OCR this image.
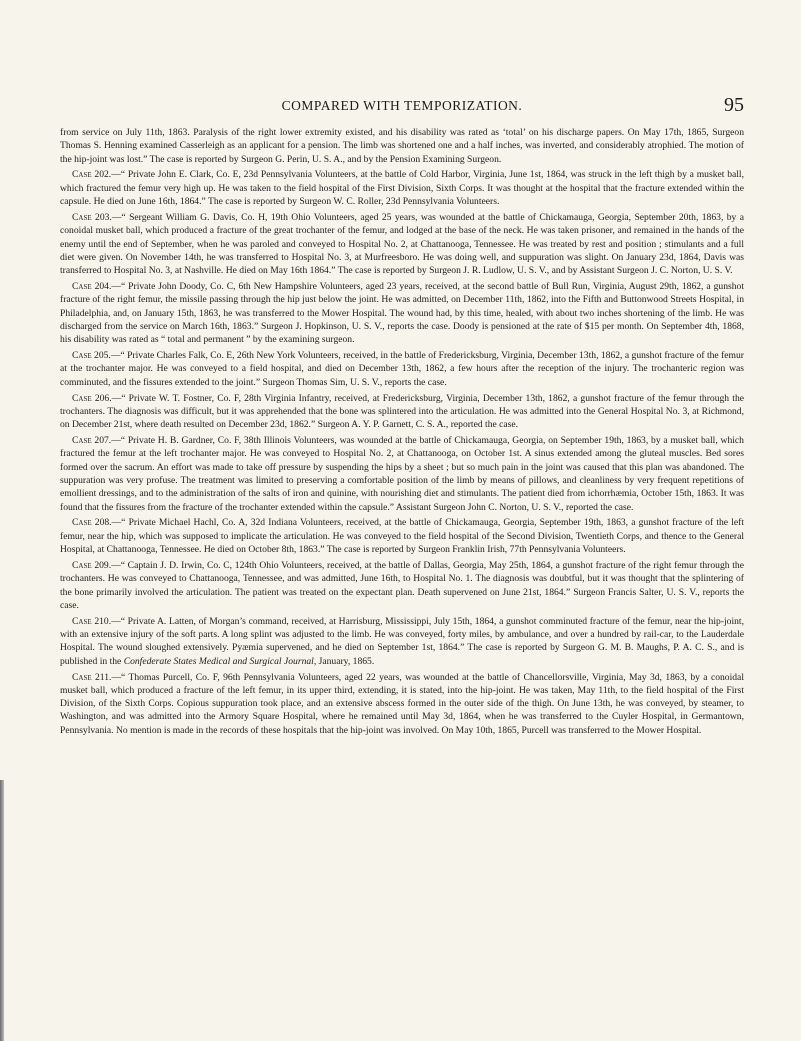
COMPARED WITH TEMPORIZATION.	95

from service on July 11th, 1863. Paralysis of the right lower extremity existed, and his disability was rated as ‘total’ on his discharge papers. On May 17th, 1865, Surgeon Thomas S. Henning examined Casserleigh as an applicant for a pension. The limb was shortened one and a half inches, was inverted, and considerably atrophied. The motion of the hip-joint was lost.” The case is reported by Surgeon G. Perin, U. S. A., and by the Pension Examining Surgeon.

Case 202.—“ Private John E. Clark, Co. E, 23d Pennsylvania Volunteers, at the battle of Cold Harbor, Virginia, June 1st, 1864, was struck in the left thigh by a musket ball, which fractured the femur very high up. He was taken to the field hospital of the First Division, Sixth Corps. It was thought at the hospital that the fracture extended within the capsule. He died on June 16th, 1864.” The case is reported by Surgeon W. C. Roller, 23d Pennsylvania Volunteers.

Case 203.—“ Sergeant William G. Davis, Co. H, 19th Ohio Volunteers, aged 25 years, was wounded at the battle of Chickamauga, Georgia, September 20th, 1863, by a conoidal musket ball, which produced a fracture of the great trochanter of the femur, and lodged at the base of the neck. He was taken prisoner, and remained in the hands of the enemy until the end of September, when he was paroled and conveyed to Hospital No. 2, at Chattanooga, Tennessee. He was treated by rest and position ; stimulants and a full diet were given. On November 14th, he was transferred to Hospital No. 3, at Murfreesboro. He was doing well, and suppuration was slight. On January 23d, 1864, Davis was transferred to Hospital No. 3, at Nashville. He died on May 16th 1864.” The case is reported by Surgeon J. R. Ludlow, U. S. V., and by Assistant Surgeon J. C. Norton, U. S. V.

Case 204.—“ Private John Doody, Co. C, 6th New Hampshire Volunteers, aged 23 years, received, at the second battle of Bull Run, Virginia, August 29th, 1862, a gunshot fracture of the right femur, the missile passing through the hip just below the joint. He was admitted, on December 11th, 1862, into the Fifth and Buttonwood Streets Hospital, in Philadelphia, and, on January 15th, 1863, he was transferred to the Mower Hospital. The wound had, by this time, healed, with about two inches shortening of the limb. He was discharged from the service on March 16th, 1863.” Surgeon J. Hopkinson, U. S. V., reports the case. Doody is pensioned at the rate of $15 per month. On September 4th, 1868, his disability was rated as “ total and permanent ” by the examining surgeon.

Case 205.—“ Private Charles Falk, Co. E, 26th New York Volunteers, received, in the battle of Fredericksburg, Virginia, December 13th, 1862, a gunshot fracture of the femur at the trochanter major. He was conveyed to a field hospital, and died on December 13th, 1862, a few hours after the reception of the injury. The trochanteric region was comminuted, and the fissures extended to the joint.” Surgeon Thomas Sim, U. S. V., reports the case.

Case 206.—“ Private W. T. Fostner, Co. F, 28th Virginia Infantry, received, at Fredericksburg, Virginia, December 13th, 1862, a gunshot fracture of the femur through the trochanters. The diagnosis was difficult, but it was apprehended that the bone was splintered into the articulation. He was admitted into the General Hospital No. 3, at Richmond, on December 21st, where death resulted on December 23d, 1862.” Surgeon A. Y. P. Garnett, C. S. A., reported the case.

Case 207.—“ Private H. B. Gardner, Co. F, 38th Illinois Volunteers, was wounded at the battle of Chickamauga, Georgia, on September 19th, 1863, by a musket ball, which fractured the femur at the left trochanter major. He was conveyed to Hospital No. 2, at Chattanooga, on October 1st. A sinus extended among the gluteal muscles. Bed sores formed over the sacrum. An effort was made to take off pressure by suspending the hips by a sheet ; but so much pain in the joint was caused that this plan was abandoned. The suppuration was very profuse. The treatment was limited to preserving a comfortable position of the limb by means of pillows, and cleanliness by very frequent repetitions of emollient dressings, and to the administration of the salts of iron and quinine, with nourishing diet and stimulants. The patient died from ichorrhæmia, October 15th, 1863. It was found that the fissures from the fracture of the trochanter extended within the capsule.” Assistant Surgeon John C. Norton, U. S. V., reported the case.

Case 208.—“ Private Michael Hachl, Co. A, 32d Indiana Volunteers, received, at the battle of Chickamauga, Georgia, September 19th, 1863, a gunshot fracture of the left femur, near the hip, which was supposed to implicate the articulation. He was conveyed to the field hospital of the Second Division, Twentieth Corps, and thence to the General Hospital, at Chattanooga, Tennessee. He died on October 8th, 1863.” The case is reported by Surgeon Franklin Irish, 77th Pennsylvania Volunteers.

Case 209.—“ Captain J. D. Irwin, Co. C, 124th Ohio Volunteers, received, at the battle of Dallas, Georgia, May 25th, 1864, a gunshot fracture of the right femur through the trochanters. He was conveyed to Chattanooga, Tennessee, and was admitted, June 16th, to Hospital No. 1. The diagnosis was doubtful, but it was thought that the splintering of the bone primarily involved the articulation. The patient was treated on the expectant plan. Death supervened on June 21st, 1864.” Surgeon Francis Salter, U. S. V., reports the case.

Case 210.—“ Private A. Latten, of Morgan’s command, received, at Harrisburg, Mississippi, July 15th, 1864, a gunshot comminuted fracture of the femur, near the hip-joint, with an extensive injury of the soft parts. A long splint was adjusted to the limb. He was conveyed, forty miles, by ambulance, and over a hundred by rail-car, to the Lauderdale Hospital. The wound sloughed extensively. Pyæmia supervened, and he died on September 1st, 1864.” The case is reported by Surgeon G. M. B. Maughs, P. A. C. S., and is published in the Confederate States Medical and Surgical Journal, January, 1865.

Case 211.—“ Thomas Purcell, Co. F, 96th Pennsylvania Volunteers, aged 22 years, was wounded at the battle of Chancellorsville, Virginia, May 3d, 1863, by a conoidal musket ball, which produced a fracture of the left femur, in its upper third, extending, it is stated, into the hip-joint. He was taken, May 11th, to the field hospital of the First Division, of the Sixth Corps. Copious suppuration took place, and an extensive abscess formed in the outer side of the thigh. On June 13th, he was conveyed, by steamer, to Washington, and was admitted into the Armory Square Hospital, where he remained until May 3d, 1864, when he was transferred to the Cuyler Hospital, in Germantown, Pennsylvania. No mention is made in the records of these hospitals that the hip-joint was involved. On May 10th, 1865, Purcell was transferred to the Mower Hospital.
